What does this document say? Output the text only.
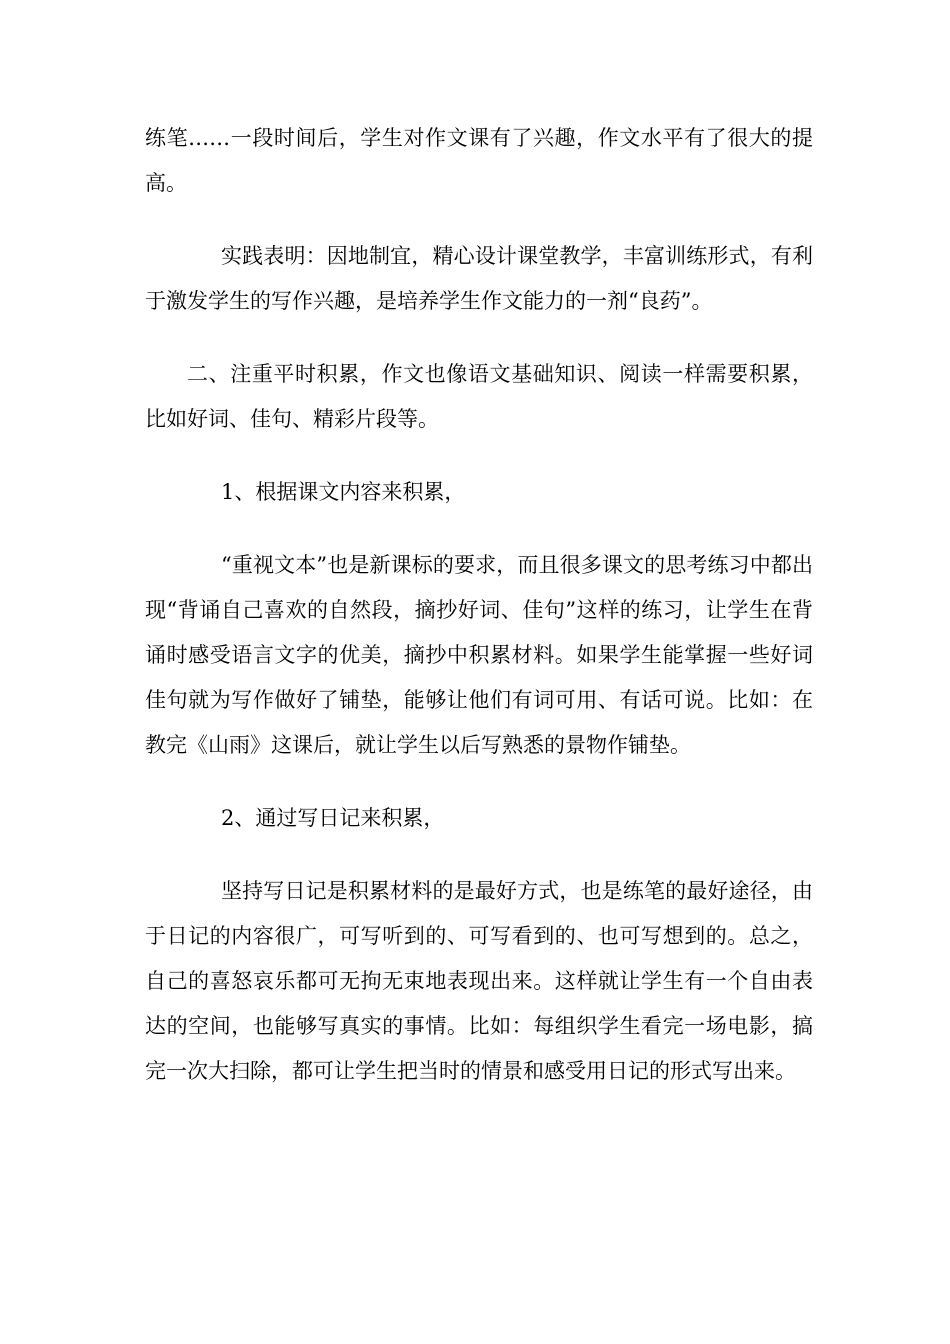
练笔……一段时间后，学生对作文课有了兴趣，作文水平有了很大的提高。

实践表明：因地制宜，精心设计课堂教学，丰富训练形式，有利于激发学生的写作兴趣，是培养学生作文能力的一剂“良药”。

二、注重平时积累，作文也像语文基础知识、阅读一样需要积累，比如好词、佳句、精彩片段等。

1、根据课文内容来积累，

“重视文本”也是新课标的要求，而且很多课文的思考练习中都出现“背诵自己喜欢的自然段，摘抄好词、佳句”这样的练习，让学生在背诵时感受语言文字的优美，摘抄中积累材料。如果学生能掌握一些好词佳句就为写作做好了铺垫，能够让他们有词可用、有话可说。比如：在教完《山雨》这课后，就让学生以后写熟悉的景物作铺垫。

2、通过写日记来积累，

坚持写日记是积累材料的是最好方式，也是练笔的最好途径，由于日记的内容很广，可写听到的、可写看到的、也可写想到的。总之，自己的喜怒哀乐都可无拘无束地表现出来。这样就让学生有一个自由表达的空间，也能够写真实的事情。比如：每组织学生看完一场电影，搞完一次大扫除，都可让学生把当时的情景和感受用日记的形式写出来。
